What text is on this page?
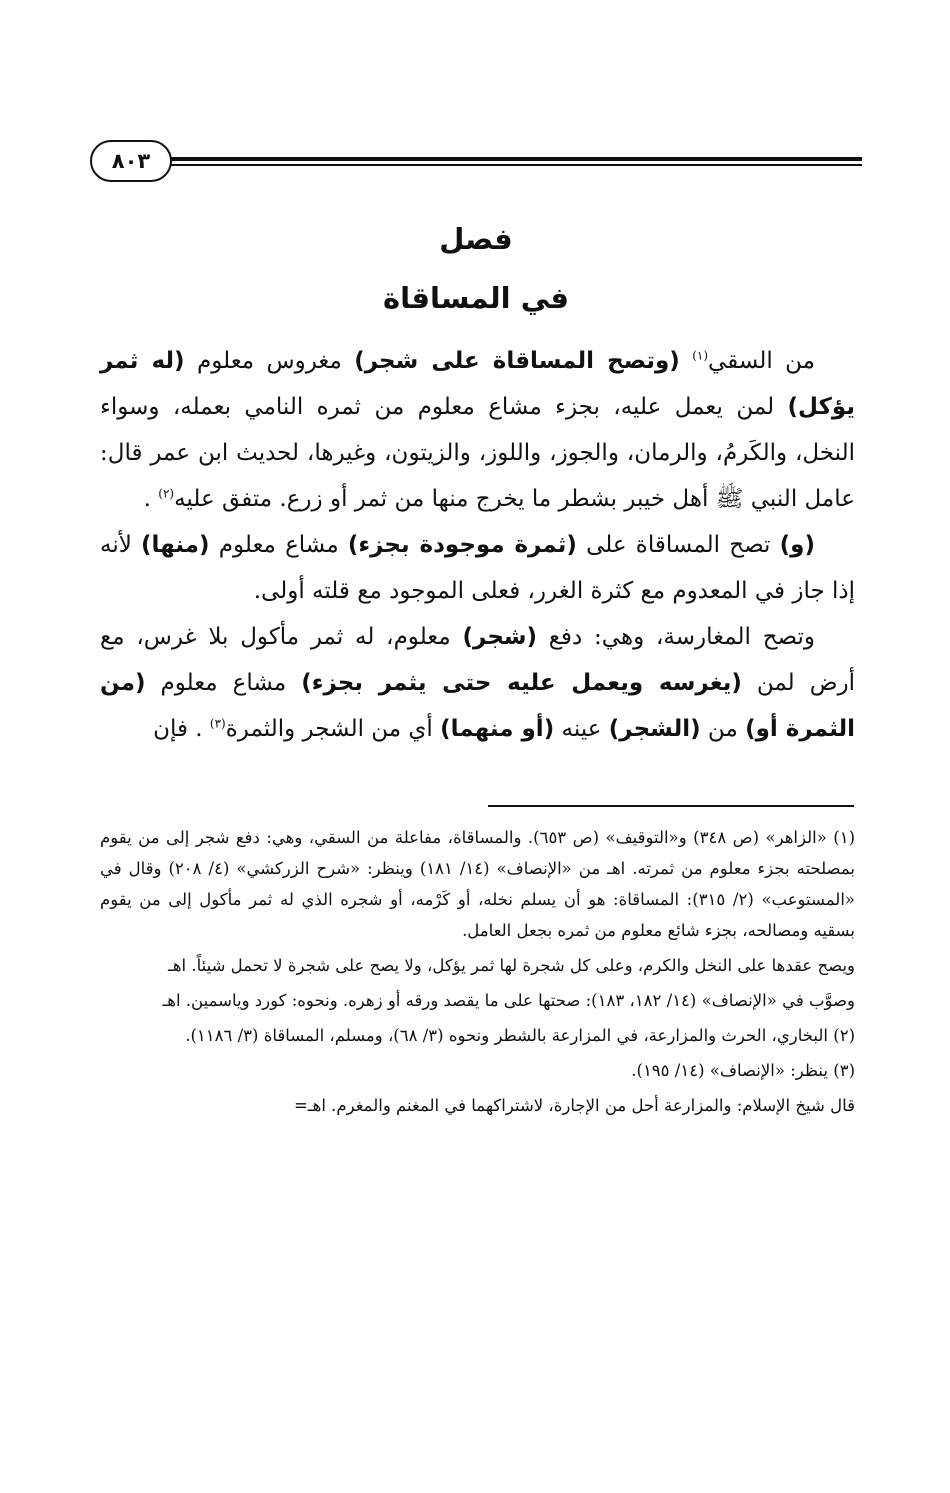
٨٠٣
فصل
في المساقاة

من السقي$^{(١)}$ (وتصح المساقاة على شجر) مغروس معلوم (له ثمر يؤكل) لمن يعمل عليه، بجزء مشاع معلوم من ثمره النامي بعمله، وسواء النخل، والكَرمُ، والرمان، والجوز، واللوز، والزيتون، وغيرها، لحديث ابن عمر قال: عامل النبي ﷺ أهل خيبر بشطر ما يخرج منها من ثمر أو زرع. متفق عليه$^{(٢)}$ .

(و) تصح المساقاة على (ثمرة موجودة بجزء) مشاع معلوم (منها) لأنه إذا جاز في المعدوم مع كثرة الغرر، فعلى الموجود مع قلته أولى.

وتصح المغارسة، وهي: دفع (شجر) معلوم، له ثمر مأكول بلا غرس، مع أرض لمن (يغرسه ويعمل عليه حتى يثمر بجزء) مشاع معلوم (من الثمرة أو) من (الشجر) عينه (أو منهما) أي من الشجر والثمرة$^{(٣)}$ . فإن

(١) «الزاهر» (ص ٣٤٨) و«التوقيف» (ص ٦٥٣). والمساقاة، مفاعلة من السقي، وهي: دفع شجر إلى من يقوم بمصلحته بجزء معلوم من ثمرته. اهـ من «الإنصاف» (١٤/ ١٨١) وينظر: «شرح الزركشي» (٤/ ٢٠٨) وقال في «المستوعب» (٢/ ٣١٥): المساقاة: هو أن يسلم نخله، أو كَرْمه، أو شجره الذي له ثمر مأكول إلى من يقوم بسقيه ومصالحه، بجزء شائع معلوم من ثمره بجعل العامل.

ويصح عقدها على النخل والكرم، وعلى كل شجرة لها ثمر يؤكل، ولا يصح على شجرة لا تحمل شيئاً. اهـ

وصوَّب في «الإنصاف» (١٤/ ١٨٢، ١٨٣): صحتها على ما يقصد ورقه أو زهره. ونحوه: كورد وياسمين. اهـ

(٢) البخاري، الحرث والمزارعة، في المزارعة بالشطر ونحوه (٣/ ٦٨)، ومسلم، المساقاة (٣/ ١١٨٦).

(٣) ينظر: «الإنصاف» (١٤/ ١٩٥).

قال شيخ الإسلام: والمزارعة أحل من الإجارة، لاشتراكهما في المغنم والمغرم. اهـ=
